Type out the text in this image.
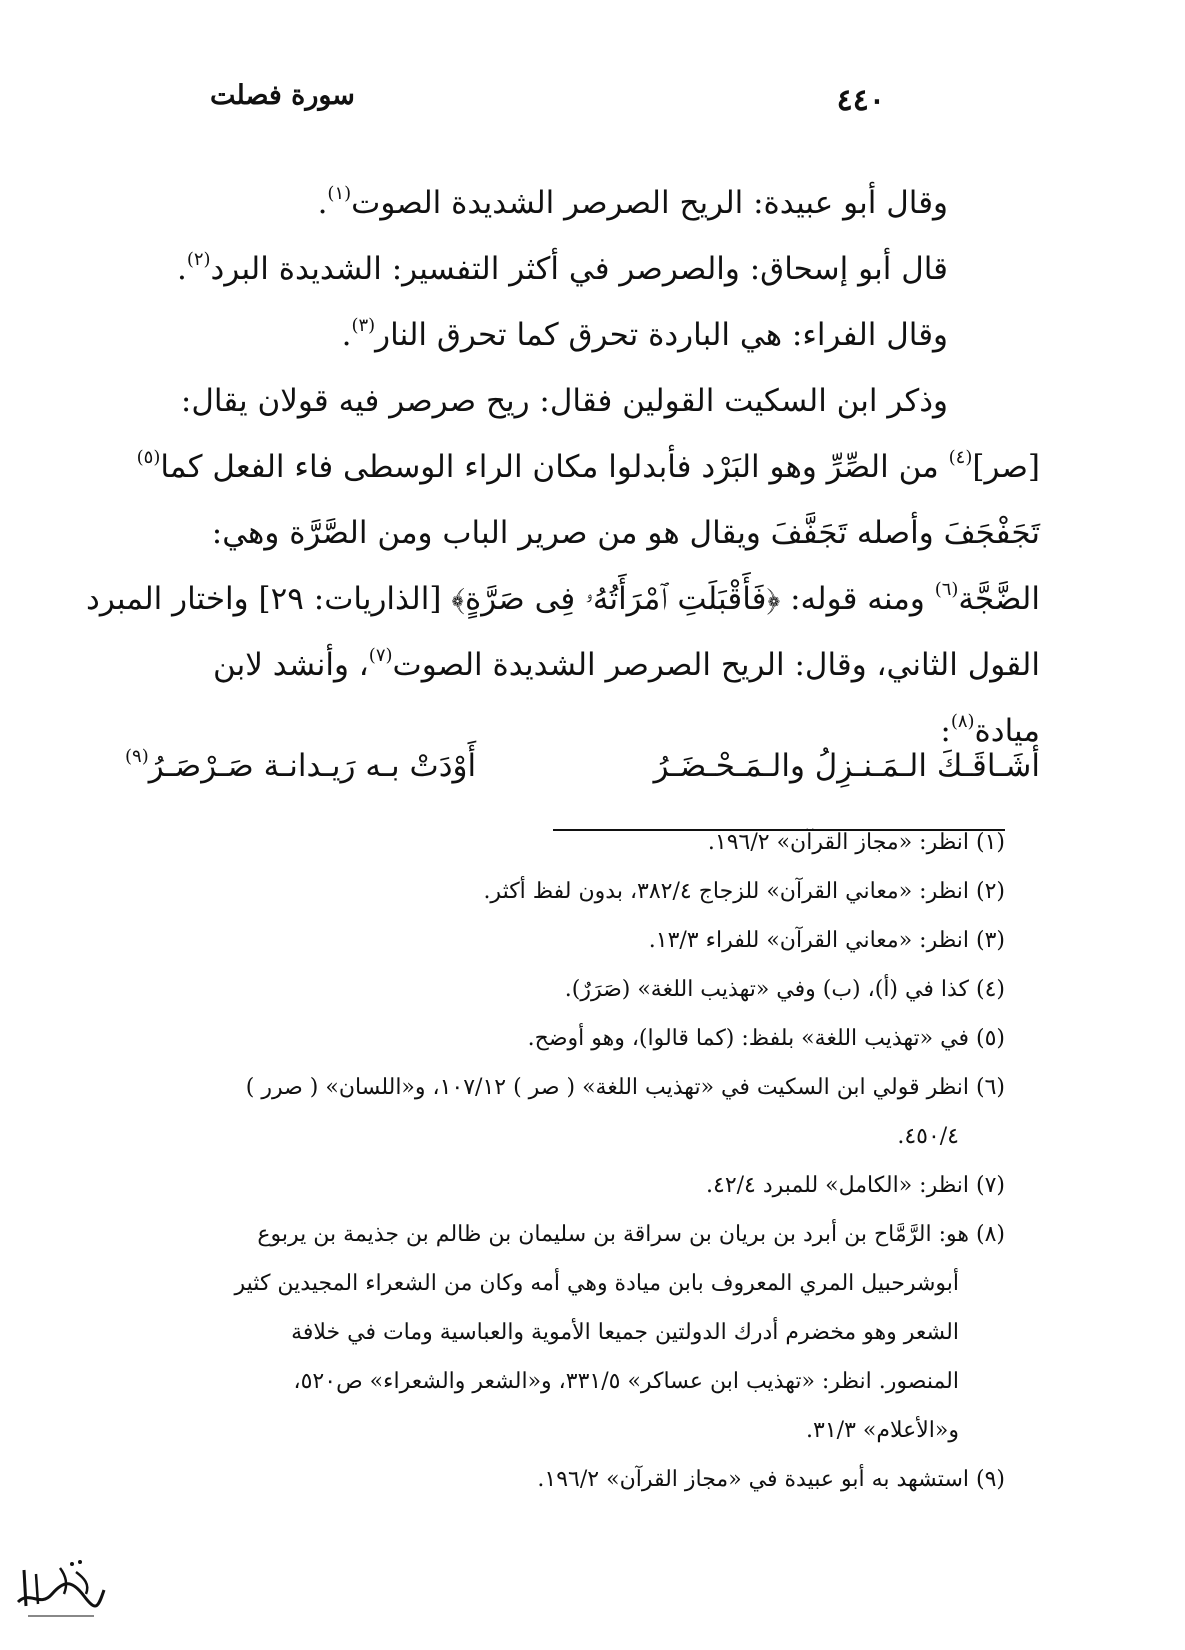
سورة فصلت	٤٤٠
وقال أبو عبيدة: الريح الصرصر الشديدة الصوت$^{(١)}$.
قال أبو إسحاق: والصرصر في أكثر التفسير: الشديدة البرد$^{(٢)}$.
وقال الفراء: هي الباردة تحرق كما تحرق النار$^{(٣)}$.
وذكر ابن السكيت القولين فقال: ريح صرصر فيه قولان يقال:
[صر]$^{(٤)}$ من الصِّرِّ وهو البَرْد فأبدلوا مكان الراء الوسطى فاء الفعل كما$^{(٥)}$
تَجَفْجَفَ وأصله تَجَفَّفَ ويقال هو من صرير الباب ومن الصَّرَّة وهي:
الضَّجَّة$^{(٦)}$ ومنه قوله: ﴿فَأَقْبَلَتِ ٱمْرَأَتُهُۥ فِى صَرَّةٍ﴾ [الذاريات: ٢٩] واختار المبرد
القول الثاني، وقال: الريح الصرصر الشديدة الصوت$^{(٧)}$، وأنشد لابن
ميادة$^{(٨)}$:
أشَـاقَـكَ الـمَـنـزِلُ والـمَـحْـضَـرُ
أَوْدَتْ بـه رَيـدانـة صَـرْصَـرُ$^{(٩)}$
(١) انظر: «مجاز القرآن» ١٩٦/٢.
(٢) انظر: «معاني القرآن» للزجاج ٣٨٢/٤، بدون لفظ أكثر.
(٣) انظر: «معاني القرآن» للفراء ١٣/٣.
(٤) كذا في (أ)، (ب) وفي «تهذيب اللغة» (صَرَرٌ).
(٥) في «تهذيب اللغة» بلفظ: (كما قالوا)، وهو أوضح.
(٦) انظر قولي ابن السكيت في «تهذيب اللغة» ( صر ) ١٠٧/١٢، و«اللسان» ( صرر )
٤٥٠/٤.
(٧) انظر: «الكامل» للمبرد ٤٢/٤.
(٨) هو: الرَّمَّاح بن أبرد بن بريان بن سراقة بن سليمان بن ظالم بن جذيمة بن يربوع
أبوشرحبيل المري المعروف بابن ميادة وهي أمه وكان من الشعراء المجيدين كثير
الشعر وهو مخضرم أدرك الدولتين جميعا الأموية والعباسية ومات في خلافة
المنصور. انظر: «تهذيب ابن عساكر» ٣٣١/٥، و«الشعر والشعراء» ص٥٢٠،
و«الأعلام» ٣١/٣.
(٩) استشهد به أبو عبيدة في «مجاز القرآن» ١٩٦/٢.
